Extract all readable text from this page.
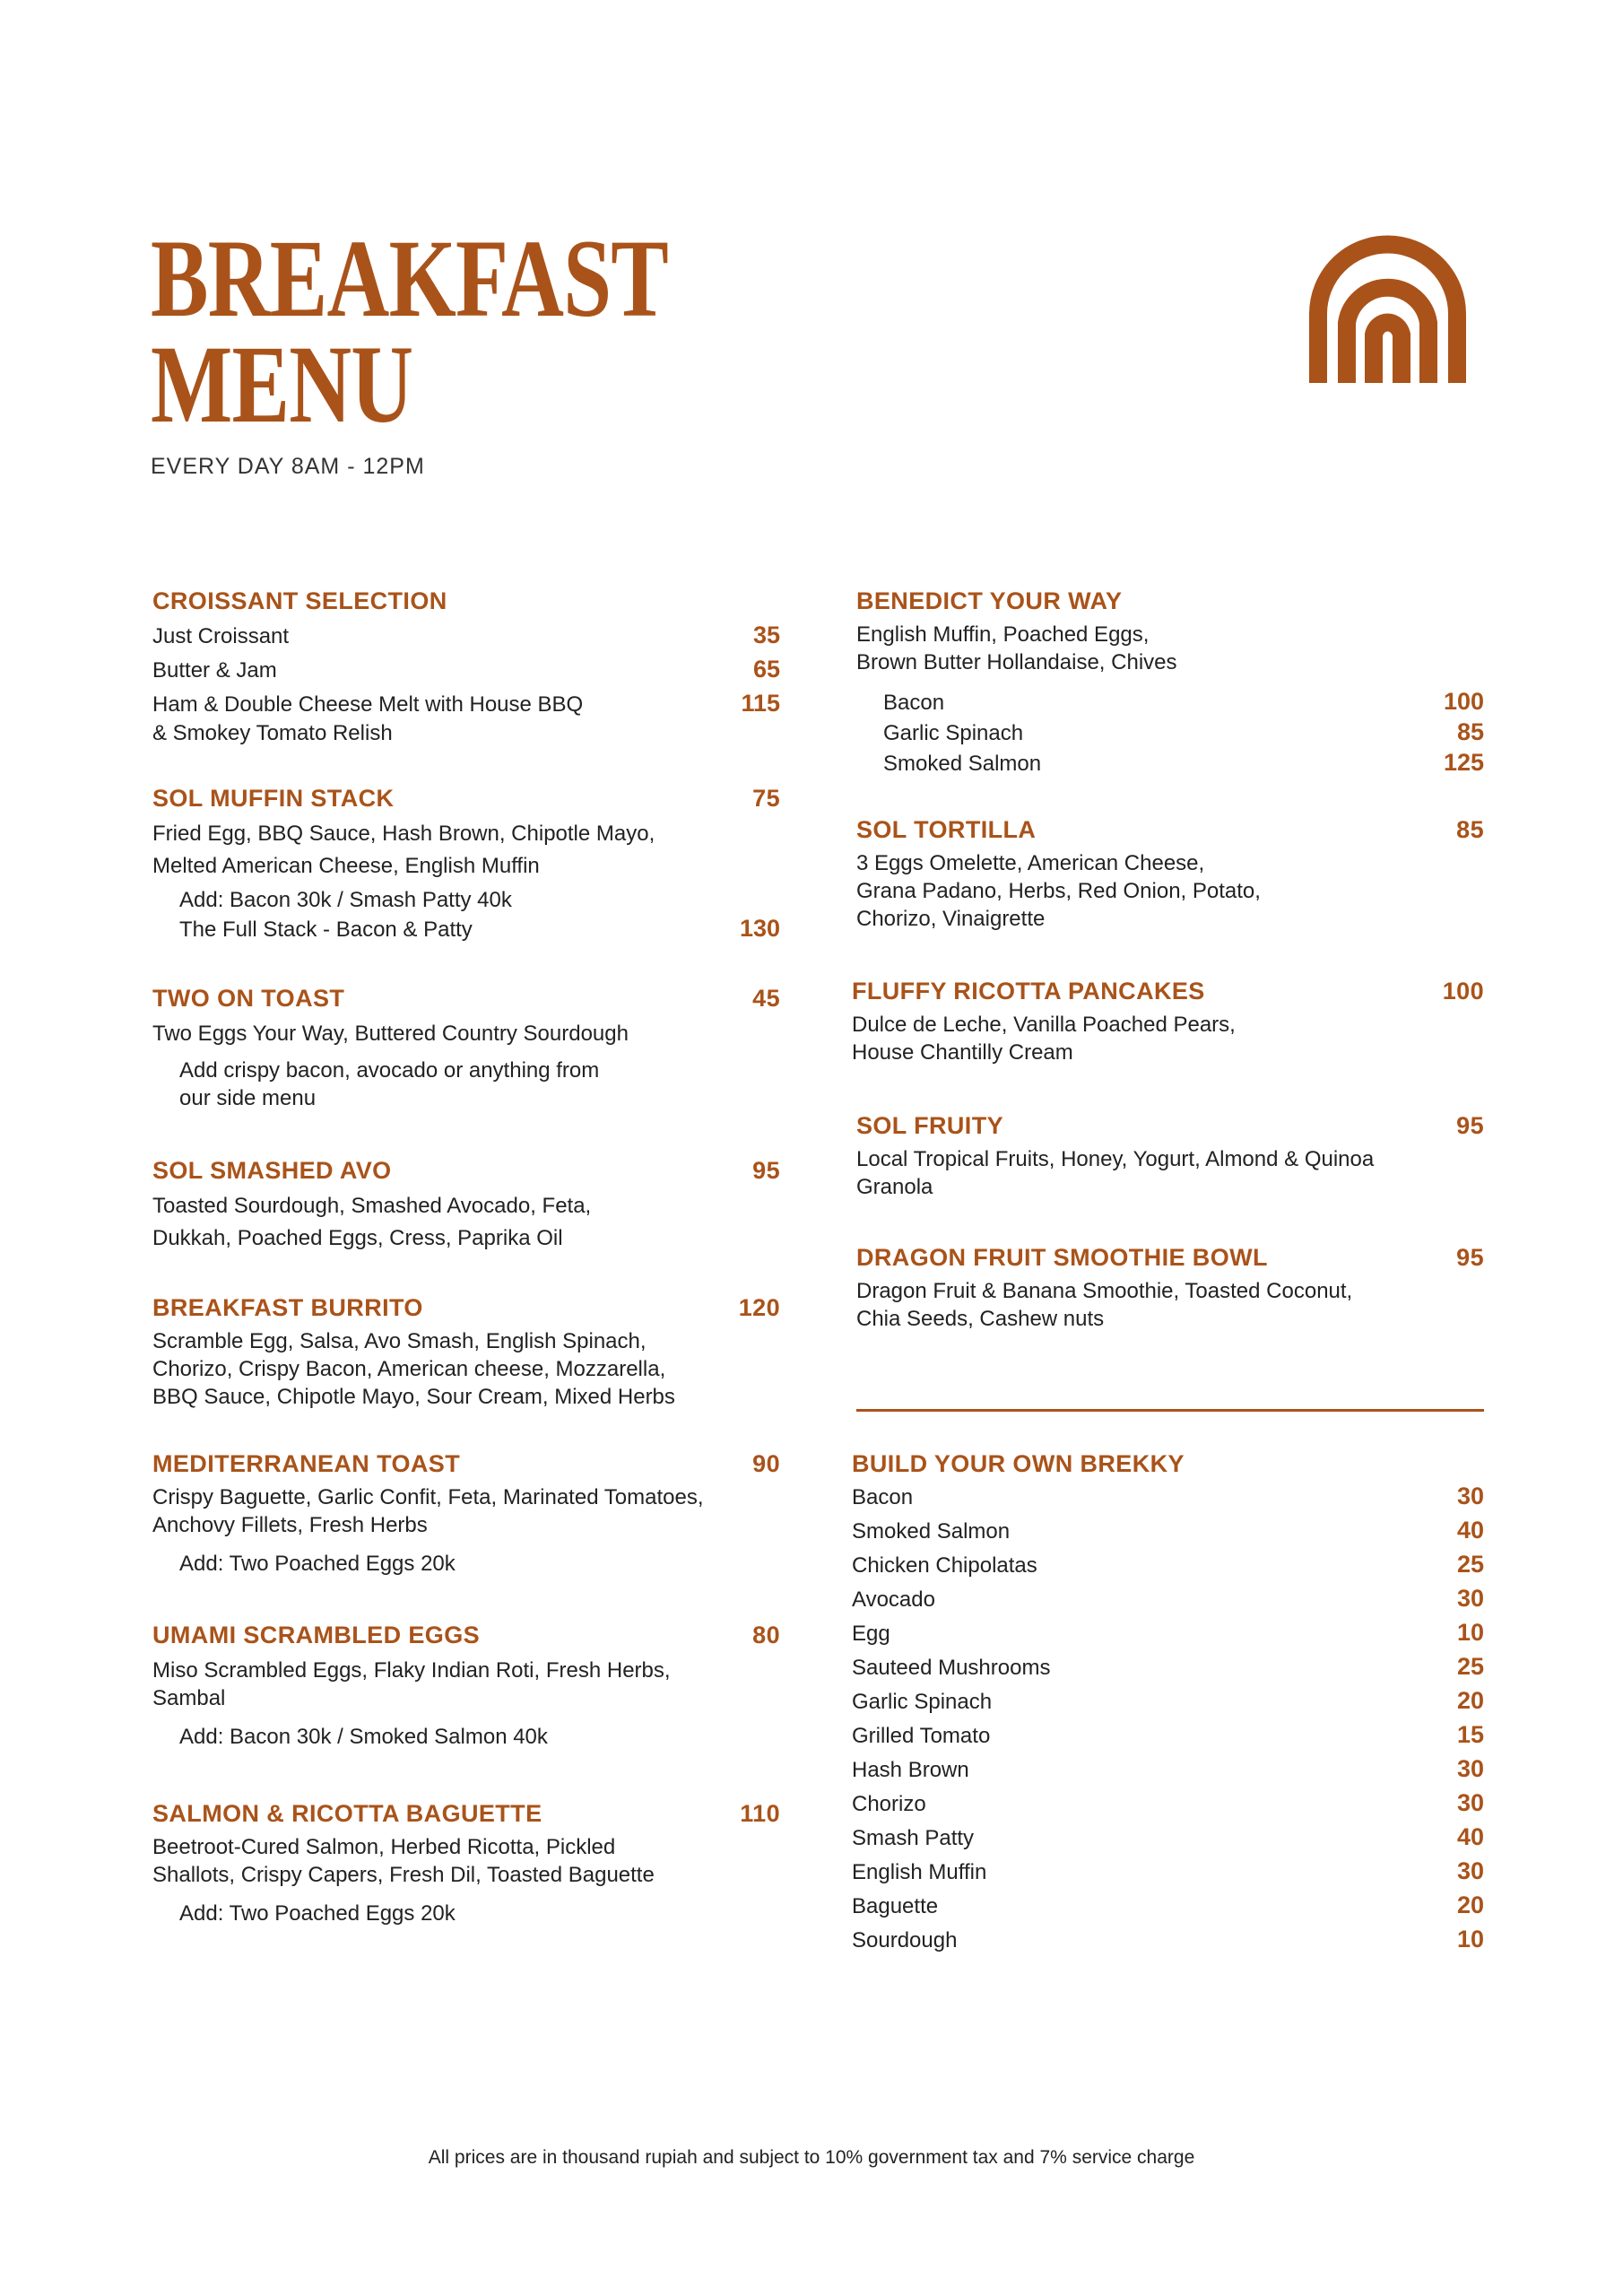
BREAKFAST
MENU
EVERY DAY 8AM - 12PM
CROISSANT SELECTION
Just Croissant	35
Butter & Jam	65
Ham & Double Cheese Melt with House BBQ	115
& Smokey Tomato Relish
SOL MUFFIN STACK	75
Fried Egg, BBQ Sauce, Hash Brown, Chipotle Mayo,
Melted American Cheese, English Muffin
Add: Bacon 30k / Smash Patty 40k
The Full Stack - Bacon & Patty	130
TWO ON TOAST	45
Two Eggs Your Way, Buttered Country Sourdough
Add crispy bacon, avocado or anything from
our side menu
SOL SMASHED AVO	95
Toasted Sourdough, Smashed Avocado, Feta,
Dukkah, Poached Eggs, Cress, Paprika Oil
BREAKFAST BURRITO	120
Scramble Egg, Salsa, Avo Smash, English Spinach,
Chorizo, Crispy Bacon, American cheese, Mozzarella,
BBQ Sauce, Chipotle Mayo, Sour Cream, Mixed Herbs
MEDITERRANEAN TOAST	90
Crispy Baguette, Garlic Confit, Feta, Marinated Tomatoes,
Anchovy Fillets, Fresh Herbs
Add: Two Poached Eggs 20k
UMAMI SCRAMBLED EGGS	80
Miso Scrambled Eggs, Flaky Indian Roti, Fresh Herbs,
Sambal
Add: Bacon 30k / Smoked Salmon 40k
SALMON & RICOTTA BAGUETTE	110
Beetroot-Cured Salmon, Herbed Ricotta, Pickled
Shallots, Crispy Capers, Fresh Dil, Toasted Baguette
Add: Two Poached Eggs 20k
BENEDICT YOUR WAY
English Muffin, Poached Eggs,
Brown Butter Hollandaise, Chives
Bacon	100
Garlic Spinach	85
Smoked Salmon	125
SOL TORTILLA	85
3 Eggs Omelette, American Cheese,
Grana Padano, Herbs, Red Onion, Potato,
Chorizo, Vinaigrette
FLUFFY RICOTTA PANCAKES	100
Dulce de Leche, Vanilla Poached Pears,
House Chantilly Cream
SOL FRUITY	95
Local Tropical Fruits, Honey, Yogurt, Almond & Quinoa
Granola
DRAGON FRUIT SMOOTHIE BOWL	95
Dragon Fruit & Banana Smoothie, Toasted Coconut,
Chia Seeds, Cashew nuts
BUILD YOUR OWN BREKKY
Bacon	30
Smoked Salmon	40
Chicken Chipolatas	25
Avocado	30
Egg	10
Sauteed Mushrooms	25
Garlic Spinach	20
Grilled Tomato	15
Hash Brown	30
Chorizo	30
Smash Patty	40
English Muffin	30
Baguette	20
Sourdough	10
All prices are in thousand rupiah and subject to 10% government tax and 7% service charge
